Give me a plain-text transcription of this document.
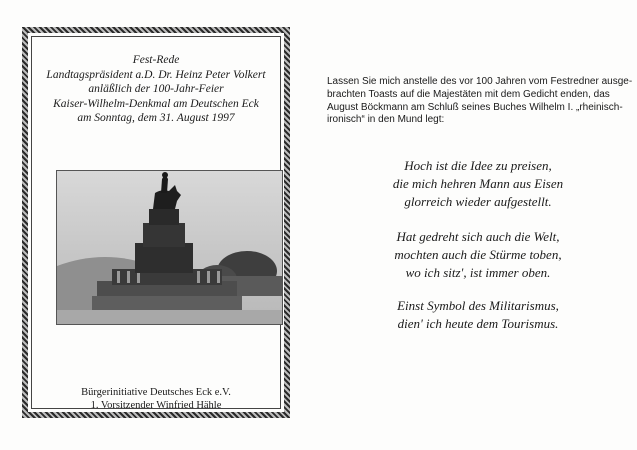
Fest-Rede
Landtagspräsident a.D. Dr. Heinz Peter Volkert
anläßlich der 100-Jahr-Feier
Kaiser-Wilhelm-Denkmal am Deutschen Eck
am Sonntag, dem 31. August 1997
Bürgerinitiative Deutsches Eck e.V.
1. Vorsitzender Winfried Hähle
Lassen Sie mich anstelle des vor 100 Jahren vom Festredner ausge-
brachten Toasts auf die Majestäten mit dem Gedicht enden, das
August Böckmann am Schluß seines Buches Wilhelm I. „rheinisch-
ironisch“ in den Mund legt:
Hoch ist die Idee zu preisen,
die mich hehren Mann aus Eisen
glorreich wieder aufgestellt.
Hat gedreht sich auch die Welt,
mochten auch die Stürme toben,
wo ich sitz', ist immer oben.
Einst Symbol des Militarismus,
dien' ich heute dem Tourismus.
